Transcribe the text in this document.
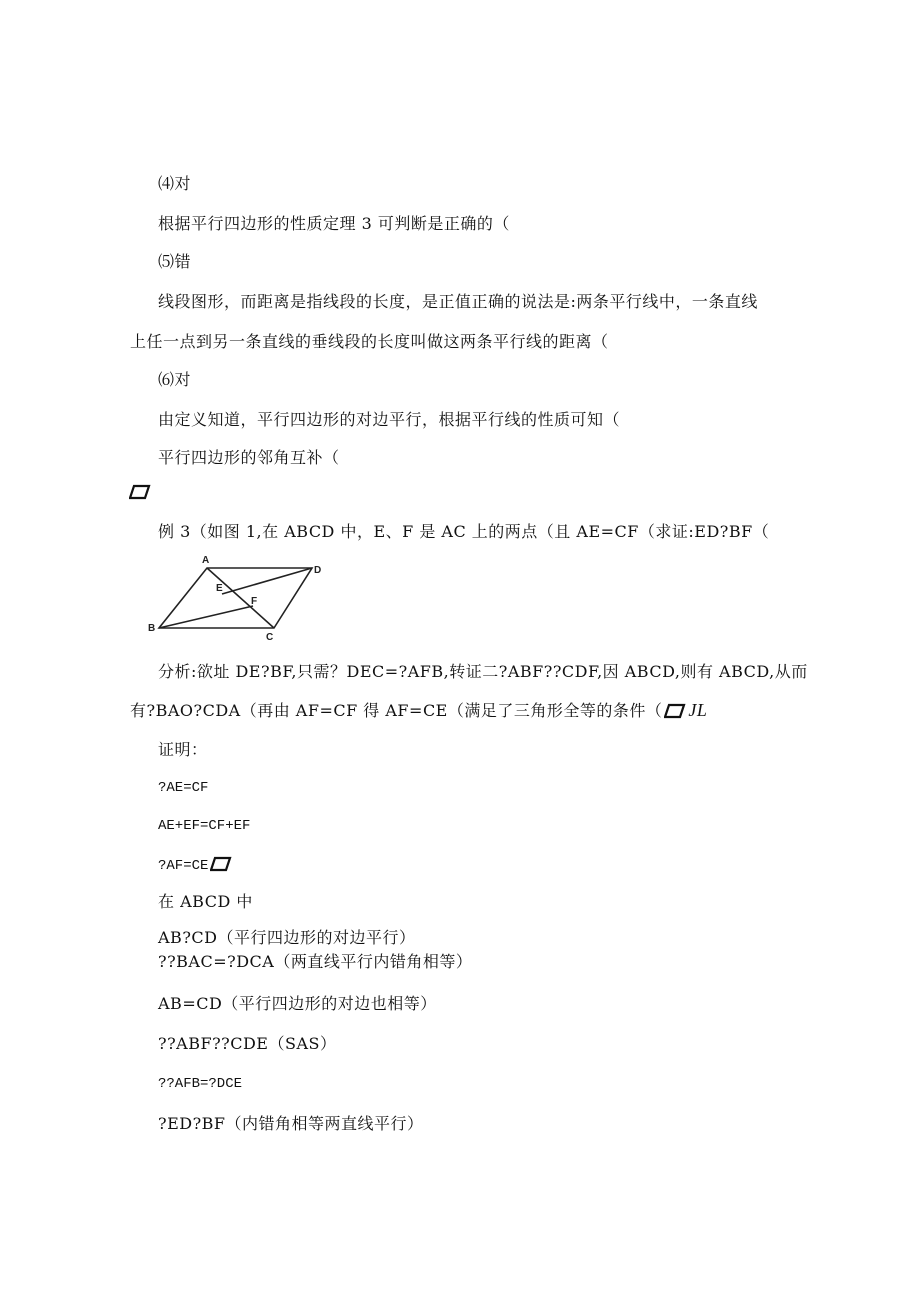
⑷对
根据平行四边形的性质定理 3 可判断是正确的（
⑸错
线段图形，而距离是指线段的长度，是正值正确的说法是:两条平行线中，一条直线
上任一点到另一条直线的垂线段的长度叫做这两条平行线的距离（
⑹对
由定义知道，平行四边形的对边平行，根据平行线的性质可知（
平行四边形的邻角互补（
例 3（如图 1,在 ABCD 中，E、F 是 AC 上的两点（且 AE=CF（求证:ED?BF（
A
D
E
F
B
C
分析:欲址 DE?BF,只需？DEC=?AFB,转证二?ABF??CDF,因 ABCD,则有 ABCD,从而
有?BAO?CDA（再由 AF=CF 得 AF=CE（满足了三角形全等的条件（ JL
证明：
?AE=CF
AE+EF=CF+EF
?AF=CE
在 ABCD 中
AB?CD（平行四边形的对边平行）
??BAC=?DCA（两直线平行内错角相等）
AB=CD（平行四边形的对边也相等）
??ABF??CDE（SAS）
??AFB=?DCE
?ED?BF（内错角相等两直线平行）
